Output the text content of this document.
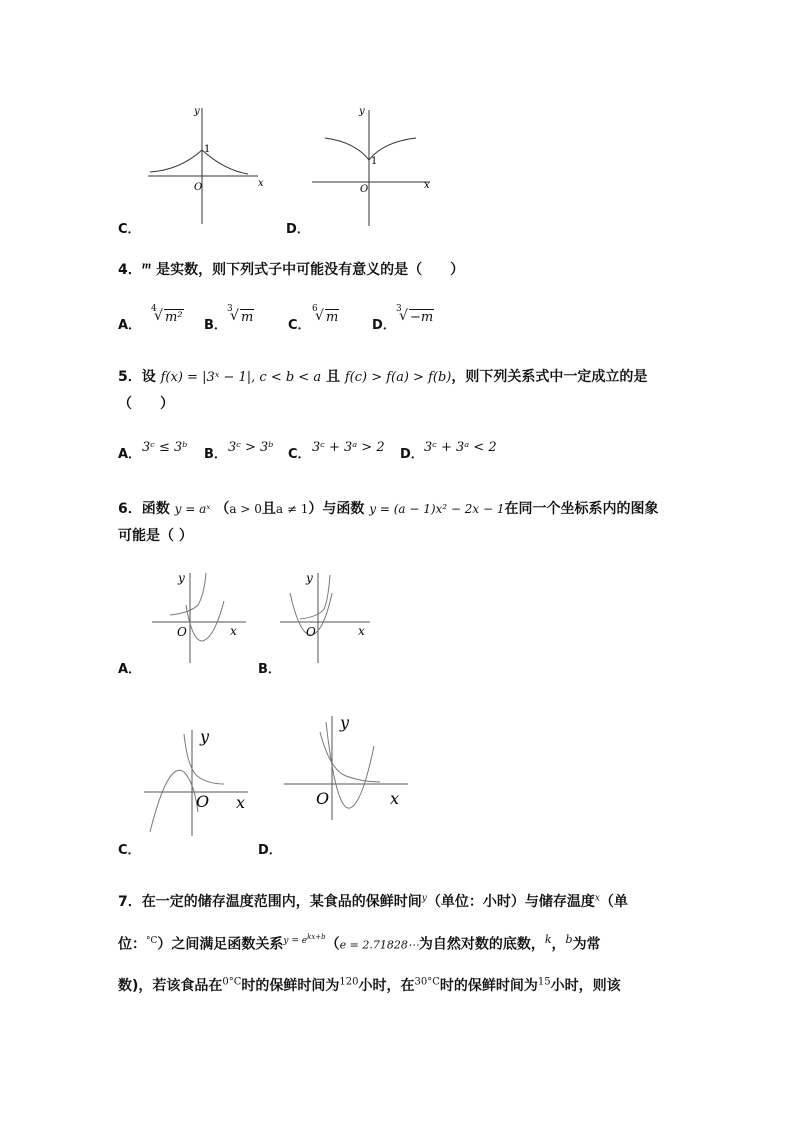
y
x
O
1
y
x
O
1
C．	D．
4．$^m$ 是实数，则下列式子中可能没有意义的是（　　）
A．
4
√ m²
B．
3
√ m
C．
6
√ m
D．
3
√ −m
5．设 f(x) = |3ˣ − 1|, c < b < a 且 f(c) > f(a) > f(b)，则下列关系式中一定成立的是
（　　）
A． 3ᶜ ≤ 3ᵇ B． 3ᶜ > 3ᵇ C． 3ᶜ + 3ᵃ > 2 D． 3ᶜ + 3ᵃ < 2
6．函数 y = aˣ （a > 0且a ≠ 1）与函数 y = (a − 1)x² − 2x − 1在同一个坐标系内的图象
可能是（ ）
y
x
O
y
x
O
A．	B．
y
x
O
y
x
O
C．	D．
7．在一定的储存温度范围内，某食品的保鲜时间$^y$（单位：小时）与储存温度$^x$（单
位：$^{^\circ C}$）之间满足函数关系$^{y = e^{kx+b}}$（e = 2.71828⋯为自然对数的底数，$^k$，$^b$为常
数)，若该食品在$^{0^\circ C}$时的保鲜时间为$^{120}$小时，在$^{30^\circ C}$时的保鲜时间为$^{15}$小时，则该
